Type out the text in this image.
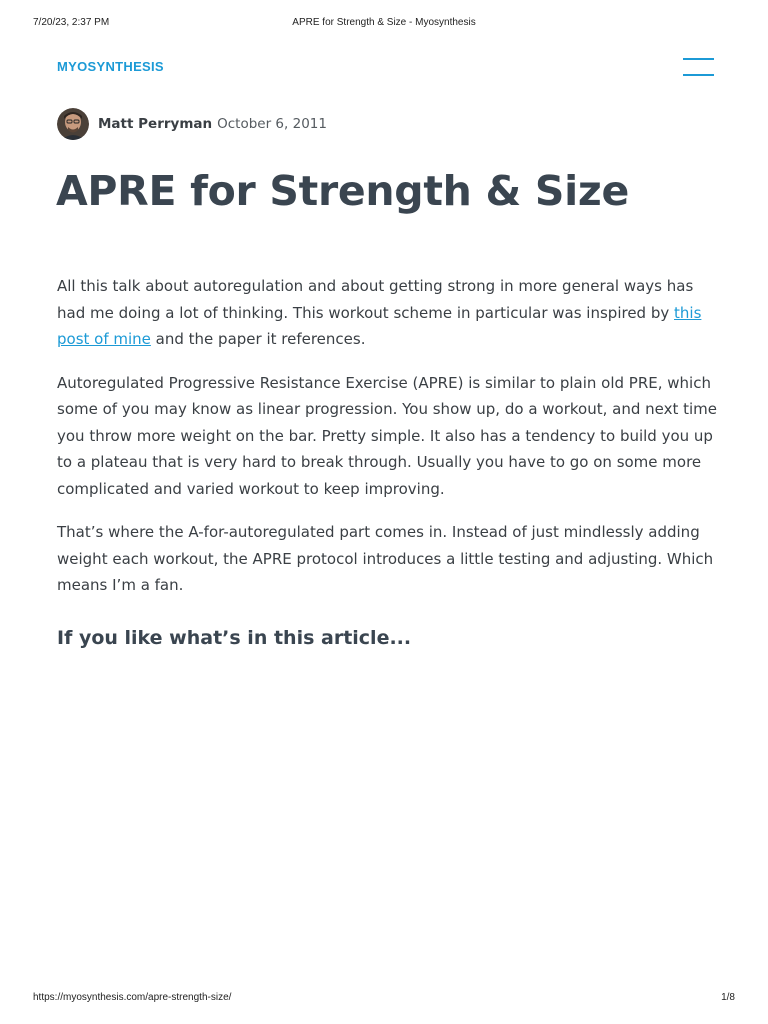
7/20/23, 2:37 PM	APRE for Strength & Size - Myosynthesis
MYOSYNTHESIS
Matt Perryman October 6, 2011
APRE for Strength & Size

All this talk about autoregulation and about getting strong in more general ways has had me doing a lot of thinking. This workout scheme in particular was inspired by this post of mine and the paper it references.

Autoregulated Progressive Resistance Exercise (APRE) is similar to plain old PRE, which some of you may know as linear progression. You show up, do a workout, and next time you throw more weight on the bar. Pretty simple. It also has a tendency to build you up to a plateau that is very hard to break through. Usually you have to go on some more complicated and varied workout to keep improving.

That’s where the A-for-autoregulated part comes in. Instead of just mindlessly adding weight each workout, the APRE protocol introduces a little testing and adjusting. Which means I’m a fan.

If you like what’s in this article...
https://myosynthesis.com/apre-strength-size/	1/8
